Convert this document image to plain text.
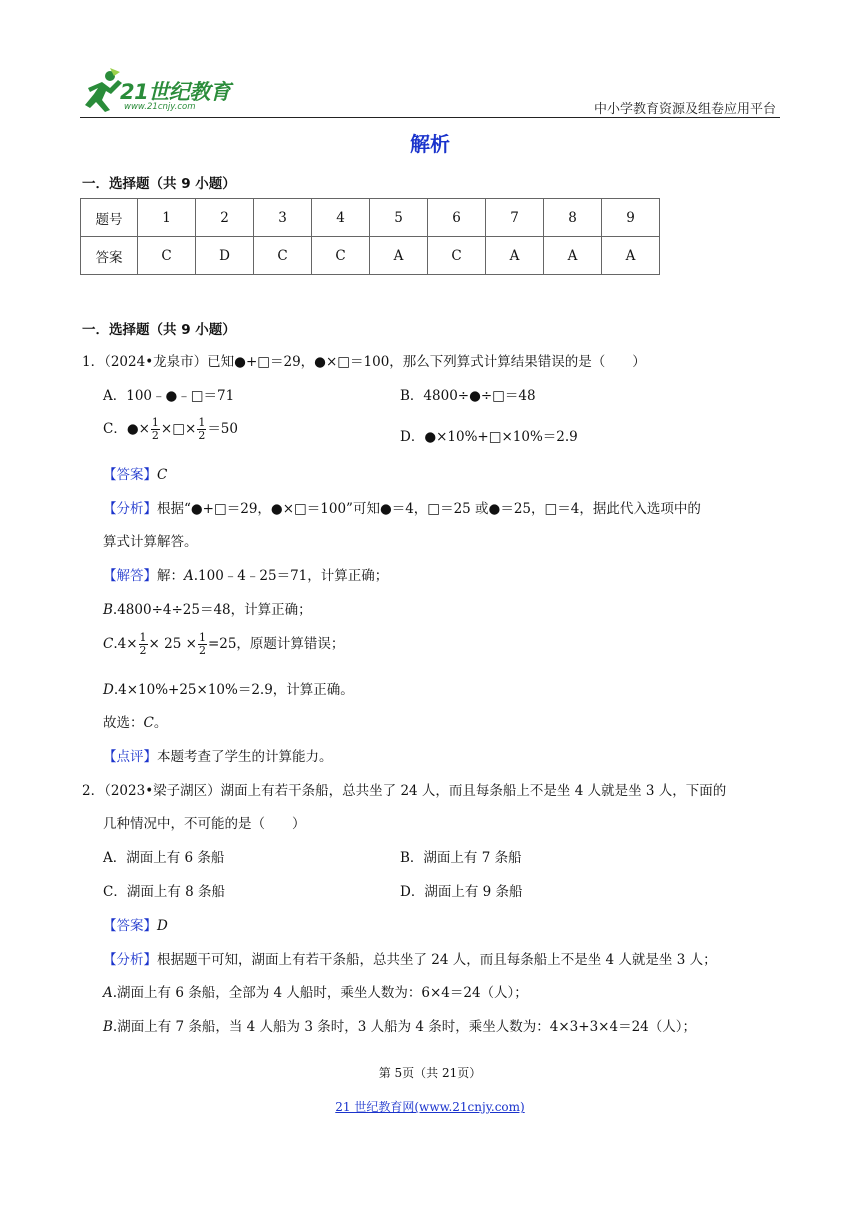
21世纪教育
www.21cnjy.com	中小学教育资源及组卷应用平台
解析
一．选择题（共 9 小题）
题号	1	2	3	4	5	6	7	8	9
答案	C	D	C	C	A	C	A	A	A
一．选择题（共 9 小题）
1．（2024•龙泉市）已知●+□＝29，●×□＝100，那么下列算式计算结果错误的是（　　）
A．100﹣●﹣□＝71	B．4800÷●÷□＝48
C．●× $\frac{1}{2}$ ×□× $\frac{1}{2} =50$	D．●×10%+□×10%＝2.9
【答案】C
【分析】根据“●+□＝29，●×□＝100”可知●＝4，□＝25 或●＝25，□＝4，据此代入选项中的
算式计算解答。
【解答】解：A.100﹣4﹣25＝71，计算正确；
B.4800÷4÷25＝48，计算正确；
$C.4\times \frac{1}{2} \times 25 \times \frac{1}{2} =25$，原题计算错误；
D.4×10%+25×10%＝2.9，计算正确。
故选：C。
【点评】本题考查了学生的计算能力。
2．（2023•梁子湖区）湖面上有若干条船，总共坐了 24 人，而且每条船上不是坐 4 人就是坐 3 人，下面的
几种情况中，不可能的是（　　）
A．湖面上有 6 条船	B．湖面上有 7 条船
C．湖面上有 8 条船	D．湖面上有 9 条船
【答案】D
【分析】根据题干可知，湖面上有若干条船，总共坐了 24 人，而且每条船上不是坐 4 人就是坐 3 人；
A.湖面上有 6 条船，全部为 4 人船时，乘坐人数为：6×4＝24（人）；
B.湖面上有 7 条船，当 4 人船为 3 条时，3 人船为 4 条时，乘坐人数为：4×3+3×4＝24（人）；
第 5页（共 21页）
21 世纪教育网(www.21cnjy.com)
